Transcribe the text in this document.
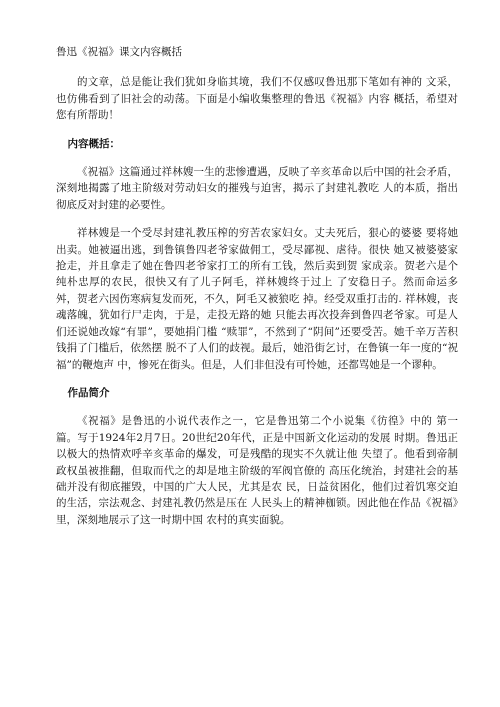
鲁迅《祝福》课文内容概括

的文章，总是能让我们犹如身临其境，我们不仅感叹鲁迅那下笔如有神的 文采，也仿佛看到了旧社会的动荡。下面是小编收集整理的鲁迅《祝福》内容 概括，希望对您有所帮助！

内容概括：

《祝福》这篇通过祥林嫂一生的悲惨遭遇，反映了辛亥革命以后中国的社会矛盾，深刻地揭露了地主阶级对劳动妇女的摧残与迫害，揭示了封建礼教吃 人的本质，指出彻底反对封建的必要性。

祥林嫂是一个受尽封建礼教压榨的穷苦农家妇女。丈夫死后，狠心的婆婆 要将她出卖。她被逼出逃，到鲁镇鲁四老爷家做佣工，受尽鄙视、虐待。很快 她又被婆婆家抢走，并且拿走了她在鲁四老爷家打工的所有工钱，然后卖到贺 家成亲。贺老六是个纯朴忠厚的农民，很快又有了儿子阿毛，祥林嫂终于过上 了安稳日子。然而命运多舛，贺老六因伤寒病复发而死，不久，阿毛又被狼吃 掉。经受双重打击的. 祥林嫂，丧魂落魄，犹如行尸走肉，于是，走投无路的她 只能去再次投奔到鲁四老爷家。可是人们还说她改嫁“有罪”，要她捐门槛 “赎罪”，不然到了“阴间”还要受苦。她千辛万苦积钱捐了门槛后，依然摆 脱不了人们的歧视。最后，她沿街乞讨，在鲁镇一年一度的“祝福”的鞭炮声 中，惨死在街头。但是，人们非但没有可怜她，还都骂她是一个谬种。

作品简介

《祝福》是鲁迅的小说代表作之一，它是鲁迅第二个小说集《彷徨》中的 第一篇。写于1924年2月7日。20世纪20年代，正是中国新文化运动的发展 时期。鲁迅正以极大的热情欢呼辛亥革命的爆发，可是残酷的现实不久就让他 失望了。他看到帝制政权虽被推翻，但取而代之的却是地主阶级的军阀官僚的 高压化统治，封建社会的基础并没有彻底摧毁，中国的广大人民，尤其是农 民，日益贫困化，他们过着饥寒交迫的生活，宗法观念、封建礼教仍然是压在 人民头上的精神枷锁。因此他在作品《祝福》里，深刻地展示了这一时期中国 农村的真实面貌。
